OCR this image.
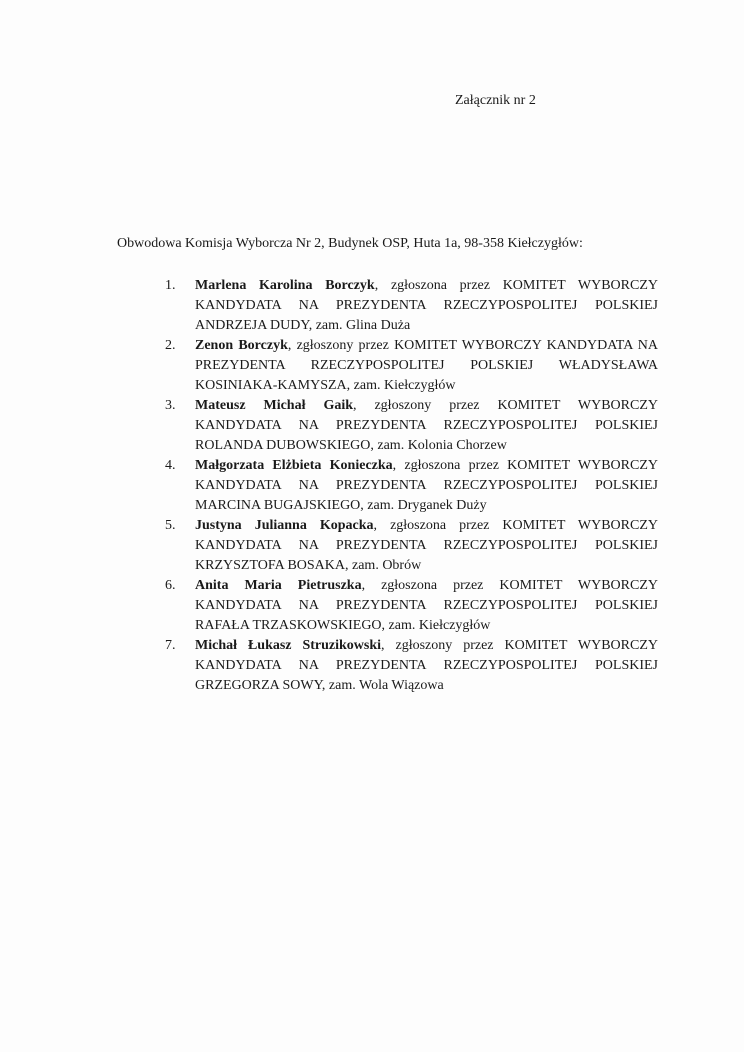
Załącznik nr 2
Obwodowa Komisja Wyborcza Nr 2, Budynek OSP, Huta 1a, 98-358 Kiełczygłów:
1.	Marlena Karolina Borczyk, zgłoszona przez KOMITET WYBORCZY KANDYDATA NA PREZYDENTA RZECZYPOSPOLITEJ POLSKIEJ ANDRZEJA DUDY, zam. Glina Duża
2.	Zenon Borczyk, zgłoszony przez KOMITET WYBORCZY KANDYDATA NA PREZYDENTA RZECZYPOSPOLITEJ POLSKIEJ WŁADYSŁAWA KOSINIAKA-KAMYSZA, zam. Kiełczygłów
3.	Mateusz Michał Gaik, zgłoszony przez KOMITET WYBORCZY KANDYDATA NA PREZYDENTA RZECZYPOSPOLITEJ POLSKIEJ ROLANDA DUBOWSKIEGO, zam. Kolonia Chorzew
4.	Małgorzata Elżbieta Konieczka, zgłoszona przez KOMITET WYBORCZY KANDYDATA NA PREZYDENTA RZECZYPOSPOLITEJ POLSKIEJ MARCINA BUGAJSKIEGO, zam. Dryganek Duży
5.	Justyna Julianna Kopacka, zgłoszona przez KOMITET WYBORCZY KANDYDATA NA PREZYDENTA RZECZYPOSPOLITEJ POLSKIEJ KRZYSZTOFA BOSAKA, zam. Obrów
6.	Anita Maria Pietruszka, zgłoszona przez KOMITET WYBORCZY KANDYDATA NA PREZYDENTA RZECZYPOSPOLITEJ POLSKIEJ RAFAŁA TRZASKOWSKIEGO, zam. Kiełczygłów
7.	Michał Łukasz Struzikowski, zgłoszony przez KOMITET WYBORCZY KANDYDATA NA PREZYDENTA RZECZYPOSPOLITEJ POLSKIEJ GRZEGORZA SOWY, zam. Wola Wiązowa
